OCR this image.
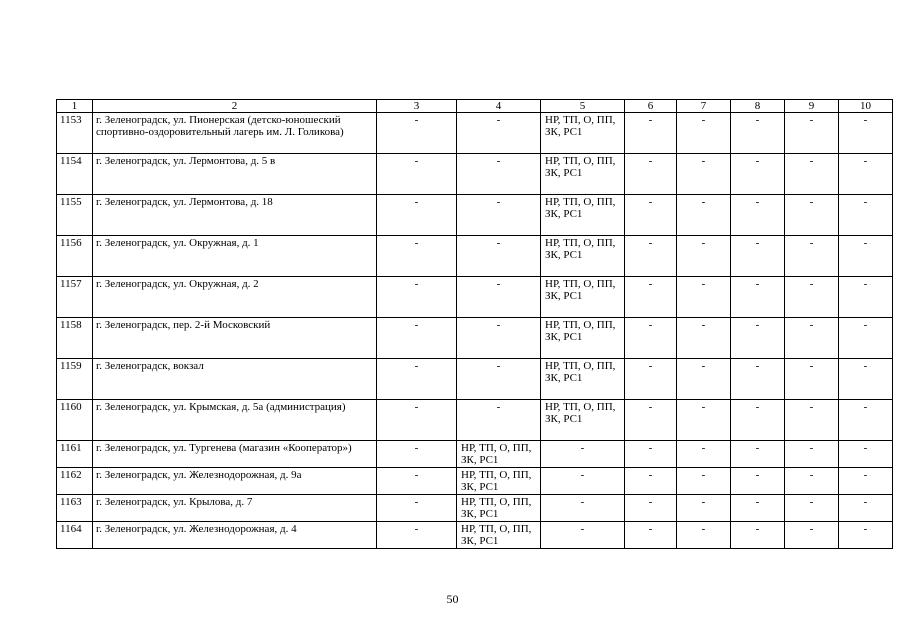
1	2	3	4	5	6	7	8	9	10
1153	г. Зеленоградск, ул. Пионерская (детско-юношеский спортивно-оздоровительный лагерь им. Л. Голикова)	-	-	НР, ТП, О, ПП, ЗК, РС1	-	-	-	-	-
1154	г. Зеленоградск, ул. Лермонтова, д. 5 в	-	-	НР, ТП, О, ПП, ЗК, РС1	-	-	-	-	-
1155	г. Зеленоградск, ул. Лермонтова, д. 18	-	-	НР, ТП, О, ПП, ЗК, РС1	-	-	-	-	-
1156	г. Зеленоградск, ул. Окружная, д. 1	-	-	НР, ТП, О, ПП, ЗК, РС1	-	-	-	-	-
1157	г. Зеленоградск, ул. Окружная, д. 2	-	-	НР, ТП, О, ПП, ЗК, РС1	-	-	-	-	-
1158	г. Зеленоградск, пер. 2-й Московский	-	-	НР, ТП, О, ПП, ЗК, РС1	-	-	-	-	-
1159	г. Зеленоградск, вокзал	-	-	НР, ТП, О, ПП, ЗК, РС1	-	-	-	-	-
1160	г. Зеленоградск, ул. Крымская, д. 5а (администрация)	-	-	НР, ТП, О, ПП, ЗК, РС1	-	-	-	-	-
1161	г. Зеленоградск, ул. Тургенева (магазин «Кооператор»)	-	НР, ТП, О, ПП, ЗК, РС1	-	-	-	-	-	-
1162	г. Зеленоградск, ул. Железнодорожная, д. 9а	-	НР, ТП, О, ПП, ЗК, РС1	-	-	-	-	-	-
1163	г. Зеленоградск, ул. Крылова, д. 7	-	НР, ТП, О, ПП, ЗК, РС1	-	-	-	-	-	-
1164	г. Зеленоградск, ул. Железнодорожная, д. 4	-	НР, ТП, О, ПП, ЗК, РС1	-	-	-	-	-	-
50
